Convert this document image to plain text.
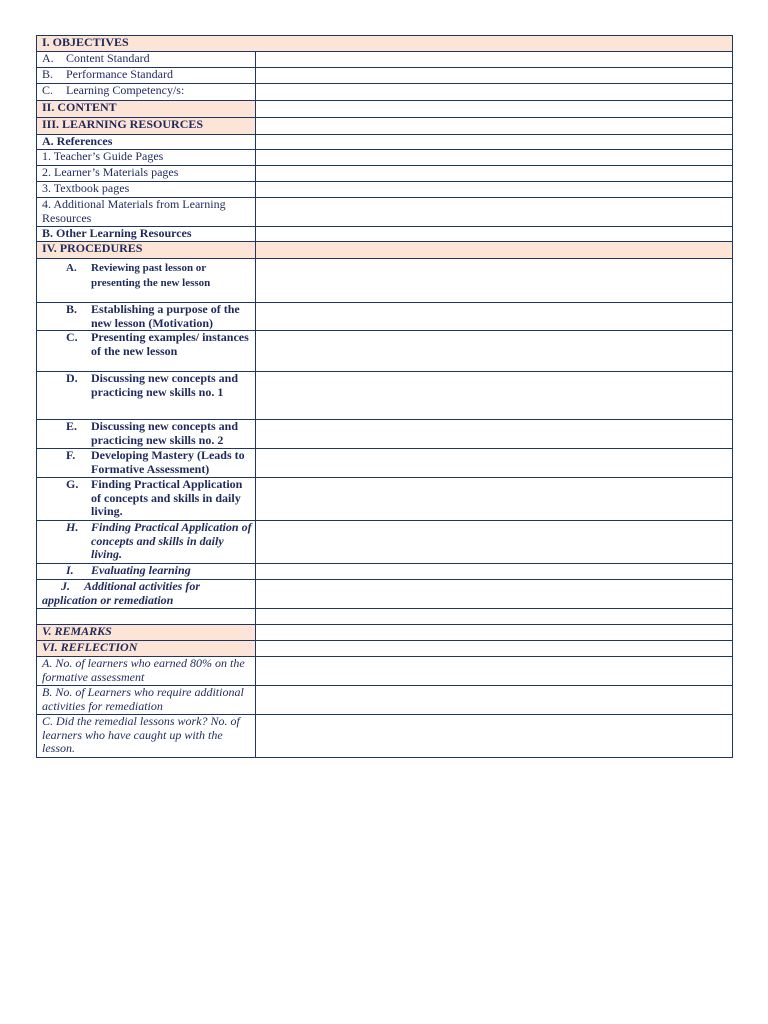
I. OBJECTIVES	
A. Content Standard	
B. Performance Standard	
C. Learning Competency/s:	
II. CONTENT	
III. LEARNING RESOURCES	
A. References	
1. Teacher’s Guide Pages	
2. Learner’s Materials pages	
3. Textbook pages	
4. Additional Materials from Learning Resources	
B. Other Learning Resources	
IV. PROCEDURES	

A. Reviewing past lesson or presenting the new lesson	

B. Establishing a purpose of the new lesson (Motivation)	

C. Presenting examples/ instances of the new lesson	

D. Discussing new concepts and practicing new skills no. 1	

E. Discussing new concepts and practicing new skills no. 2	

F. Developing Mastery (Leads to Formative Assessment)	

G. Finding Practical Application of concepts and skills in daily living.	

H. Finding Practical Application of concepts and skills in daily living.	

I. Evaluating learning	

J. Additional activities for application or remediation	

V. REMARKS	
VI. REFLECTION	
A. No. of learners who earned 80% on the formative assessment	
B. No. of Learners who require additional activities for remediation	
C. Did the remedial lessons work? No. of learners who have caught up with the lesson.	
